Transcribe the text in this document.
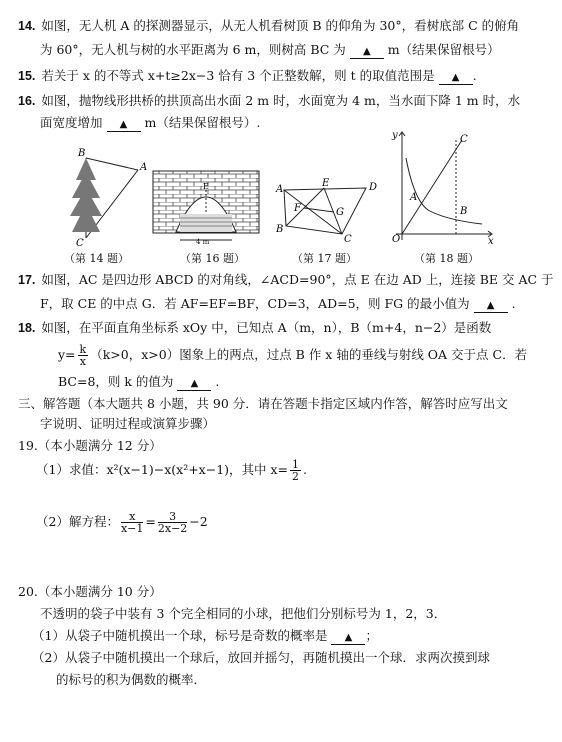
14. 如图，无人机 A 的探测器显示，从无人机看树顶 B 的仰角为 30°，看树底部 C 的俯角
为 60°，无人机与树的水平距离为 6 m，则树高 BC 为 ▲ m（结果保留根号）
15. 若关于 x 的不等式 x+t≥2x−3 恰有 3 个正整数解，则 t 的取值范围是 ▲ .
16. 如图，抛物线形拱桥的拱顶高出水面 2 m 时，水面宽为 4 m，当水面下降 1 m 时，水
面宽度增加 ▲ m（结果保留根号）.
B
A
C
（第 14 题）
E
4 m
（第 16 题）
A
E	D
F	G
B
C
（第 17 题）
y	C
A
B
O	x
（第 18 题）
17. 如图，AC 是四边形 ABCD 的对角线，∠ACD=90°，点 E 在边 AD 上，连接 BE 交 AC 于
F，取 CE 的中点 G．若 AF=EF=BF，CD=3，AD=5，则 FG 的最小值为 ▲ .
18. 如图，在平面直角坐标系 xOy 中，已知点 A（m，n），B（m+4，n−2）是函数
$y= \frac{k}{x} (k>0$，x>0）图象上的两点，过点 B 作 x 轴的垂线与射线 OA 交于点 C．若
BC=8，则 k 的值为 ▲ .
三、解答题（本大题共 8 小题，共 90 分．请在答题卡指定区域内作答，解答时应写出文
字说明、证明过程或演算步骤）
19.（本小题满分 12 分）
（1）求值：x²(x−1)−x(x²+x−1)，其中 $x= \frac{1}{2}$ .
（2）解方程： $\frac{x}{x-1} = \frac{3}{2x-2} -2$
20.（本小题满分 10 分）
不透明的袋子中装有 3 个完全相同的小球，把他们分别标号为 1，2，3．
（1）从袋子中随机摸出一个球，标号是奇数的概率是 ▲ ；
（2）从袋子中随机摸出一个球后，放回并摇匀，再随机摸出一个球．求两次摸到球
的标号的积为偶数的概率．
